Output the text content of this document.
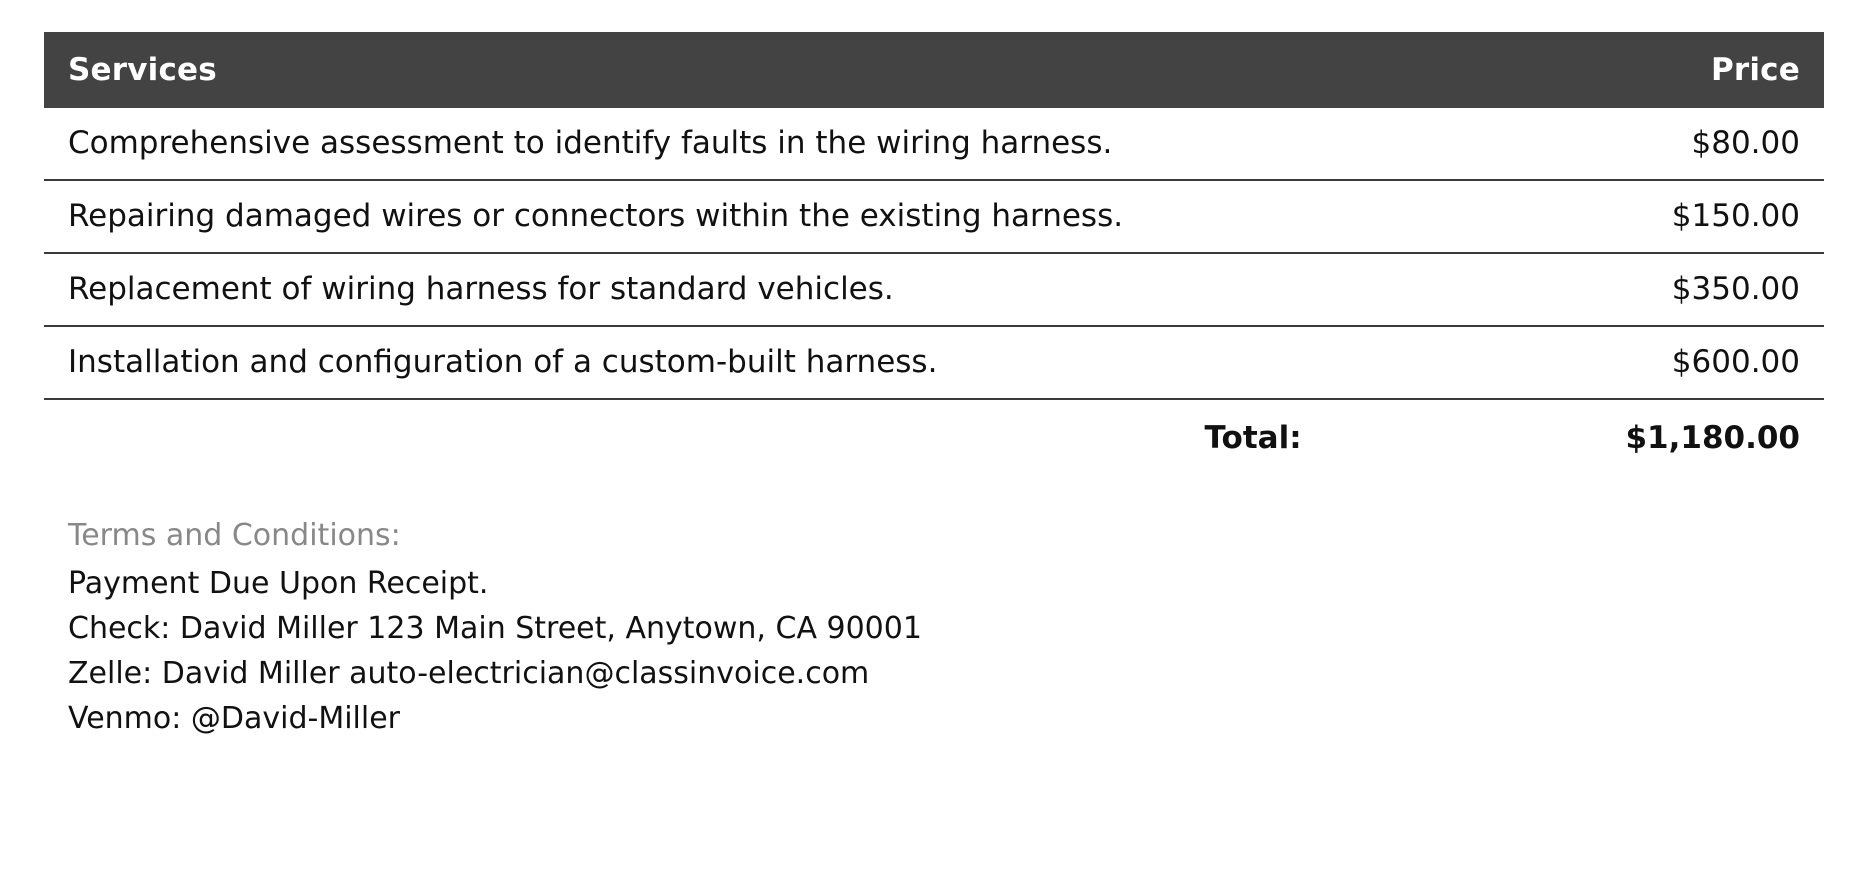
Services	Price
Comprehensive assessment to identify faults in the wiring harness.	$80.00
Repairing damaged wires or connectors within the existing harness.	$150.00
Replacement of wiring harness for standard vehicles.	$350.00
Installation and configuration of a custom-built harness.	$600.00
Total:	$1,180.00
Terms and Conditions:
Payment Due Upon Receipt.
Check: David Miller 123 Main Street, Anytown, CA 90001
Zelle: David Miller auto-electrician@classinvoice.com
Venmo: @David-Miller
